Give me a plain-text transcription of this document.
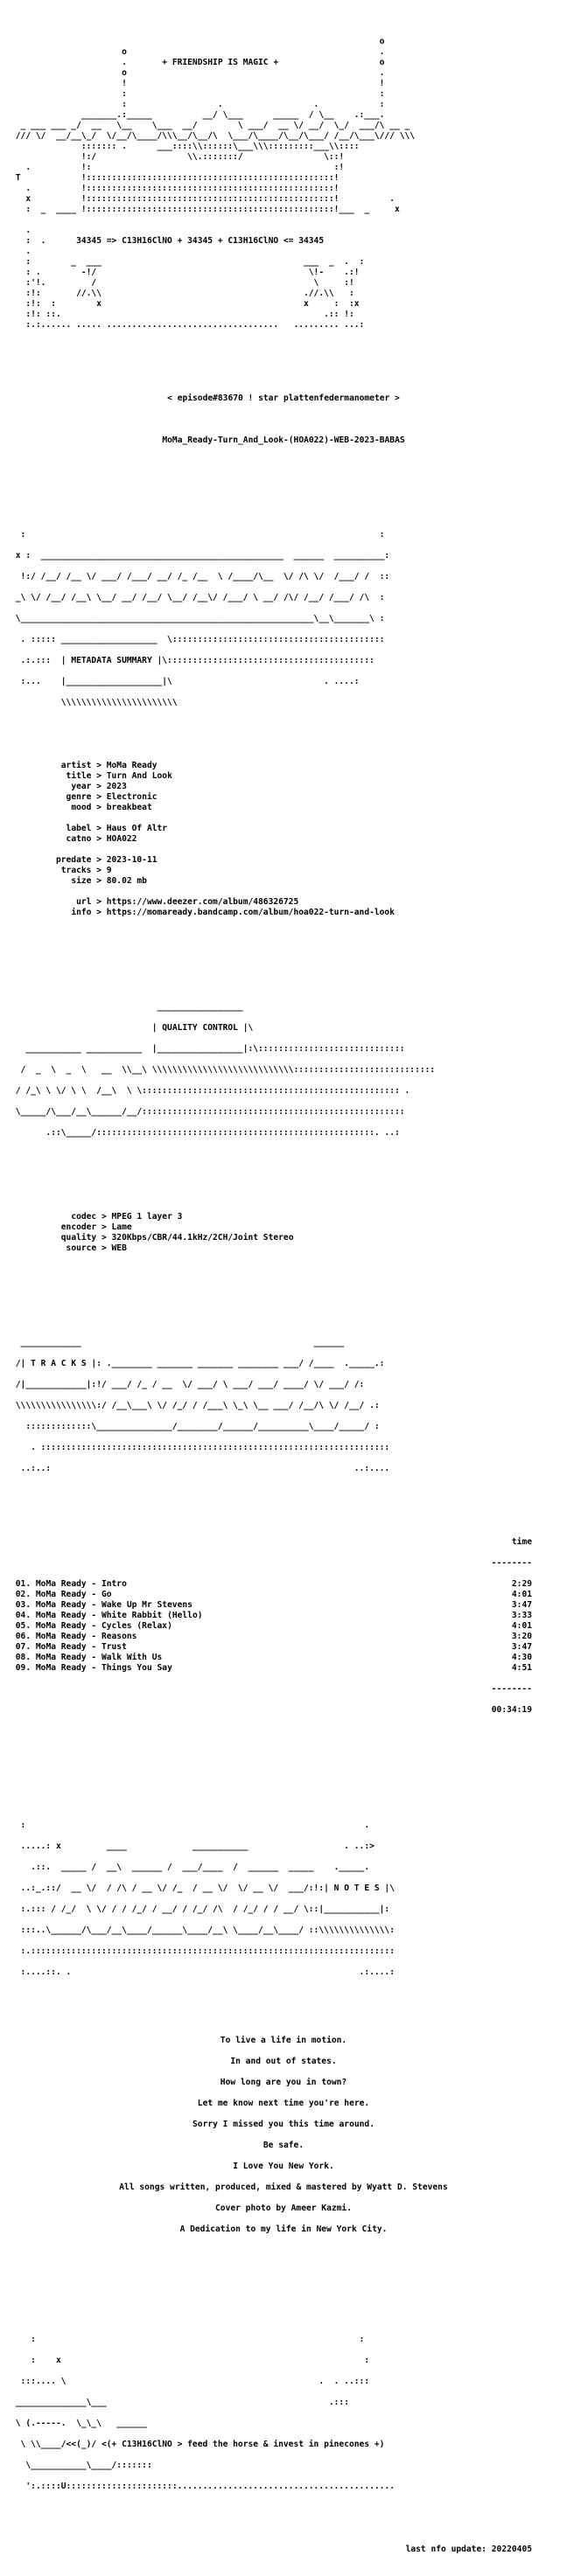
o
o                                                  .
.       + FRIENDSHIP IS MAGIC +                    o
o                                                  .
!                                                  !
:                                                  :
:                  .                  .            :
_______.:_____          __/ \___      _____  / \__    .:___.
_ ___ ___ _/  __   \__    \___  __/        \ ___/  __ \/ __/  \_/  ___/\ __ _
/// \/  __/__\_/  \/__/\____/\\\__/\__/\  \___/\____/\__/\___/ /__/\___\/// \\\
::::::: .      ___::::\\::::::\___\\\:::::::::___\\::::
!:/                  \\.:::::::/                \::!
.          !:                                                :!
T            !:::::::::::::::::::::::::::::::::::::::::::::::::!
.          !:::::::::::::::::::::::::::::::::::::::::::::::::!
x          !:::::::::::::::::::::::::::::::::::::::::::::::::!          .
:  _  ____ !:::::::::::::::::::::::::::::::::::::::::::::::::!___  _     x
.
:  .      34345 => C13H16ClNO + 34345 + C13H16ClNO <= 34345
.
:        _  ___                                        ___  _  .  :
: .        -!/                                          \!-    .:!
:'!.         /                                           \     :!
:!:       //.\\                                        .//.\\   :
:!:  :        x                                        x     :  :x
:!: ::.                                                    .:: !:
:.:...... ..... ..................................   ......... ...:

< episode#83670 ! star plattenfedermanometer >

MoMa_Ready-Turn_And_Look-(HOA022)-WEB-2023-BABAS

:                                                                      :

x :  ________________________________________________  ______  __________:

!:/ /__/ /__ \/ ___/ /___/ __/ /_ /__  \ /____/\__  \/ /\ \/  /___/ /  ::

_\ \/ /__/ /__\ \__/ __/ /__/ \__/ /__\/ /___/ \ __/ /\/ /__/ /___/ /\  :

\__________________________________________________________\__\_______\ :

. ::::: ___________________  \::::::::::::::::::::::::::::::::::::::::::

.:.:::  | METADATA SUMMARY |\:::::::::::::::::::::::::::::::::::::::::

:...    |___________________|\                              . ....:

\\\\\\\\\\\\\\\\\\\\\\\

artist > MoMa Ready
title > Turn And Look
year > 2023
genre > Electronic
mood > breakbeat
label > Haus Of Altr
catno > HOA022
predate > 2023-10-11
tracks > 9
size > 80.02 mb
url > https://www.deezer.com/album/486326725
info > https://momaready.bandcamp.com/album/hoa022-turn-and-look

_________________

| QUALITY CONTROL |\

___________ ___________  |_________________|:\:::::::::::::::::::::::::::::

/  _  \  _  \   __  \\__\ \\\\\\\\\\\\\\\\\\\\\\\\\\\\::::::::::::::::::::::::::::

/ /_\ \ \/ \ \  /__\  \ \::::::::::::::::::::::::::::::::::::::::::::::::::: .

\_____/\___/__\______/__/::::::::::::::::::::::::::::::::::::::::::::::::::::

.::\_____/:::::::::::::::::::::::::::::::::::::::::::::::::::::::. ..:

codec > MPEG 1 layer 3
encoder > Lame
quality > 320Kbps/CBR/44.1kHz/2CH/Joint Stereo
source > WEB

____________                                              ______

/| T R A C K S |: .________ _______ _______ ________ ___/ /____  ._____.:

/|____________|:!/ ___/ /_ / __  \/ ___/ \ ___/ ___/ ____/ \/ ___/ /:

\\\\\\\\\\\\\\\\:/ /__\___\ \/ /_/ / /___\ \_\ \__ ___/ /__/\ \/ /__/ .:

:::::::::::::\_______________/________/______/__________\____/_____/ :

. :::::::::::::::::::::::::::::::::::::::::::::::::::::::::::::::::::::

..:..:                                                            ..:....

time

--------

01. MoMa Ready - Intro	2:29
02. MoMa Ready - Go	4:01
03. MoMa Ready - Wake Up Mr Stevens	3:47
04. MoMa Ready - White Rabbit (Hello)	3:33
05. MoMa Ready - Cycles (Relax)	4:01
06. MoMa Ready - Reasons	3:20
07. MoMa Ready - Trust	3:47
08. MoMa Ready - Walk With Us	4:30
09. MoMa Ready - Things You Say	4:51

--------

00:34:19

:                                                                   .

.....: x         ____             ___________                   . ..:>

.::.  _____ /  __\  ______ /  ___/____  /  ______  _____    ._____.

..:_.::/  __ \/  / /\ / __ \/ /_  / __ \/  \/ __ \/  ___/:!:| N O T E S |\

:.::: / /_/  \ \/ / / /_/ / __/ / /_/ /\  / /_/ / / __/ \::|___________|:

:::..\______/\___/__\____/______\____/__\ \____/__\____/ ::\\\\\\\\\\\\\\:

:.::::::::::::::::::::::::::::::::::::::::::::::::::::::::::::::::::::::::

:....::. .                                                         .:....:

To live a life in motion.
In and out of states.
How long are you in town?
Let me know next time you're here.
Sorry I missed you this time around.
Be safe.
I Love You New York.
All songs written, produced, mixed & mastered by Wyatt D. Stevens
Cover photo by Ameer Kazmi.
A Dedication to my life in New York City.

:                                                                :

:    x                                                            :

:::.... \                                                  .  . ..:::

______________\___                                            .:::

\ (.-----.  \_\_\   ______

\ \\____/<<(_)/ <(+ C13H16ClNO > feed the horse & invest in pinecones +)

\___________\____/:::::::

':.::::U::::::::::::::::::::::...........................................

last nfo update: 20220405
